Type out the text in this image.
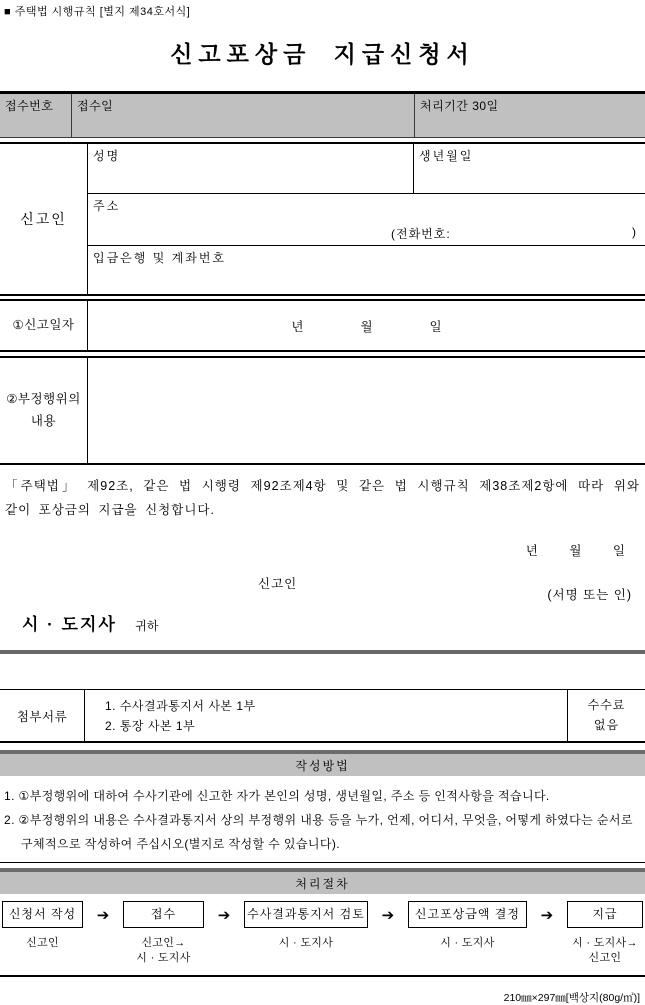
■ 주택법 시행규칙 [별지 제34호서식]
신고포상금 지급신청서
접수번호	접수일	처리기간 30일
신고인
성명	생년월일
주소
(전화번호:	)
입금은행 및 계좌번호
①신고일자	년	월	일
②부정행위의
내용
「주택법」 제92조, 같은 법 시행령 제92조제4항 및 같은 법 시행규칙 제38조제2항에 따라 위와 같이 포상금의 지급을 신청합니다.
년	월	일
신고인
(서명 또는 인)
시 · 도지사 귀하
첨부서류
1. 수사결과통지서 사본 1부
2. 통장 사본 1부
수수료
없음
작성방법
1. ①부정행위에 대하여 수사기관에 신고한 자가 본인의 성명, 생년월일, 주소 등 인적사항을 적습니다.
2. ②부정행위의 내용은 수사결과통지서 상의 부정행위 내용 등을 누가, 언제, 어디서, 무엇을, 어떻게 하였다는 순서로 구체적으로 작성하여 주십시오(별지로 작성할 수 있습니다).
처리절차
신청서 작성
신고인
➔	접수
신고인→
시 · 도지사
➔ 수사결과통지서 검토
시 · 도지사
➔	신고포상금액 결정
시 · 도지사
➔	지급
시 · 도지사→
신고인
210㎜×297㎜[백상지(80g/㎡)]
